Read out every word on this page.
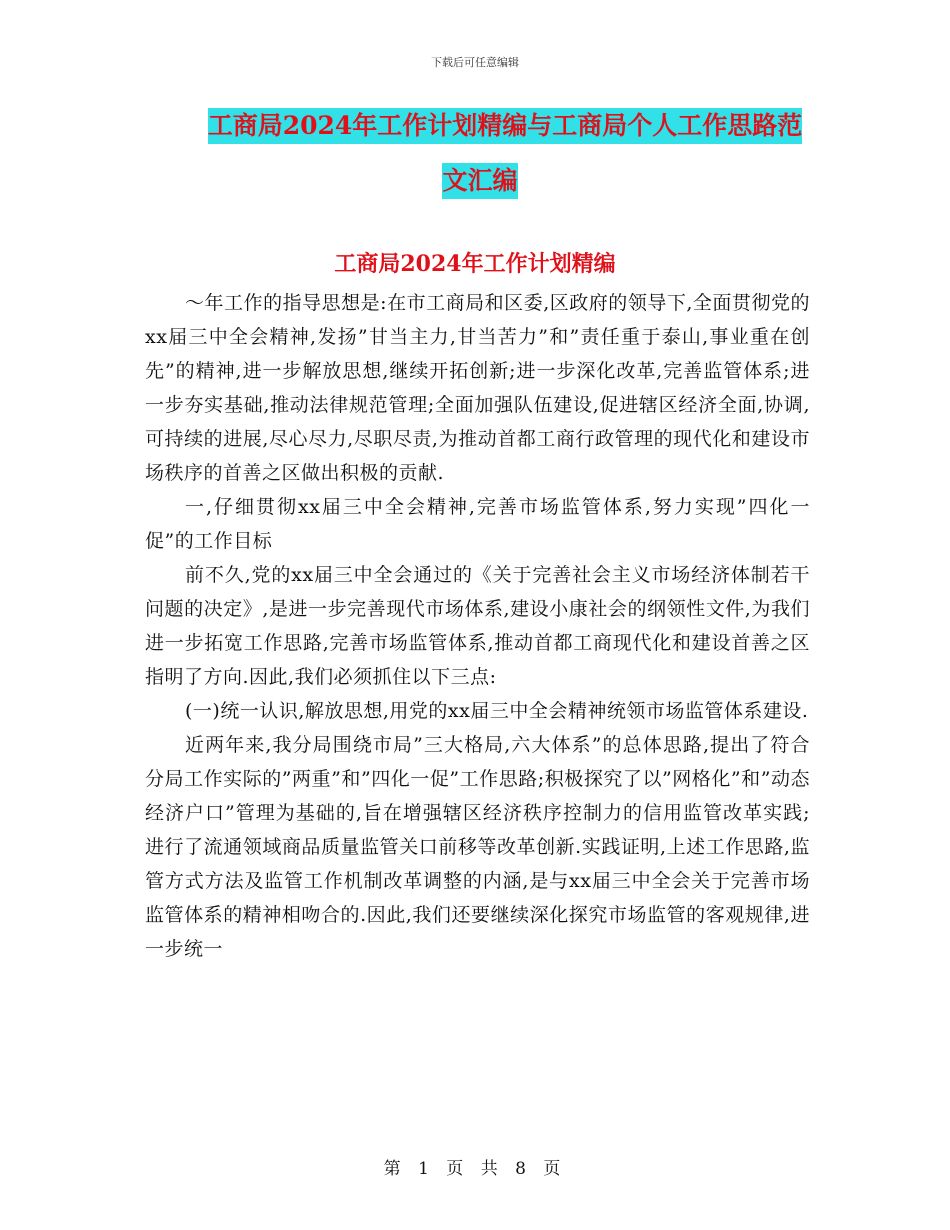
下载后可任意编辑
工商局2024年工作计划精编与工商局个人工作思路范
文汇编
工商局2024年工作计划精编

～年工作的指导思想是:在市工商局和区委,区政府的领导下,全面贯彻党的xx届三中全会精神,发扬”甘当主力,甘当苦力”和”责任重于泰山,事业重在创先”的精神,进一步解放思想,继续开拓创新;进一步深化改革,完善监管体系;进一步夯实基础,推动法律规范管理;全面加强队伍建设,促进辖区经济全面,协调,可持续的进展,尽心尽力,尽职尽责,为推动首都工商行政管理的现代化和建设市场秩序的首善之区做出积极的贡献.

一,仔细贯彻xx届三中全会精神,完善市场监管体系,努力实现”四化一促”的工作目标

前不久,党的xx届三中全会通过的《关于完善社会主义市场经济体制若干问题的决定》,是进一步完善现代市场体系,建设小康社会的纲领性文件,为我们进一步拓宽工作思路,完善市场监管体系,推动首都工商现代化和建设首善之区指明了方向.因此,我们必须抓住以下三点:

(一)统一认识,解放思想,用党的xx届三中全会精神统领市场监管体系建设.

近两年来,我分局围绕市局”三大格局,六大体系”的总体思路,提出了符合分局工作实际的”两重”和”四化一促”工作思路;积极探究了以”网格化”和”动态经济户口”管理为基础的,旨在增强辖区经济秩序控制力的信用监管改革实践;进行了流通领域商品质量监管关口前移等改革创新.实践证明,上述工作思路,监管方式方法及监管工作机制改革调整的内涵,是与xx届三中全会关于完善市场监管体系的精神相吻合的.因此,我们还要继续深化探究市场监管的客观规律,进一步统一

第 1 页 共 8 页
